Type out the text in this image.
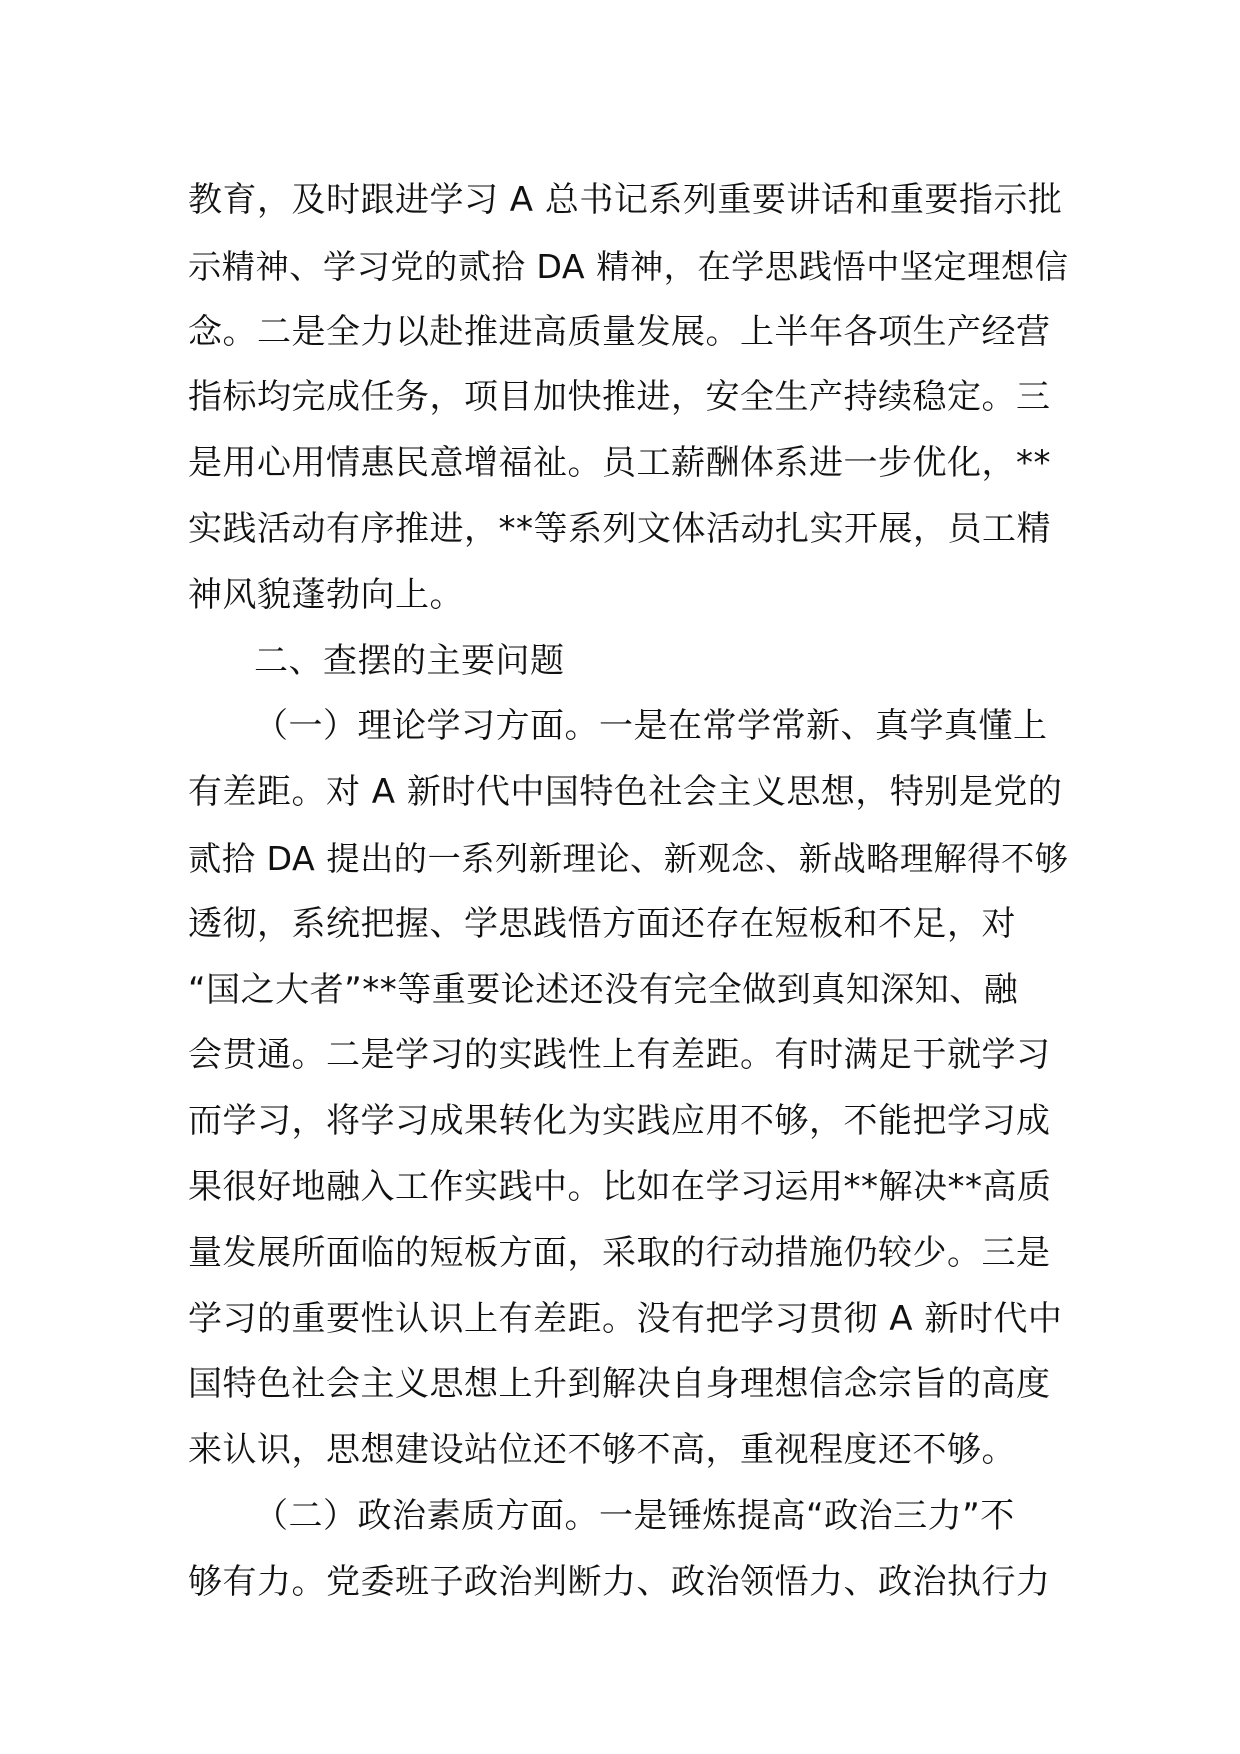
教育，及时跟进学习 A 总书记系列重要讲话和重要指示批
示精神、学习党的贰拾 DA 精神，在学思践悟中坚定理想信
念。二是全力以赴推进高质量发展。上半年各项生产经营
指标均完成任务，项目加快推进，安全生产持续稳定。三
是用心用情惠民意增福祉。员工薪酬体系进一步优化，**
实践活动有序推进，**等系列文体活动扎实开展，员工精
神风貌蓬勃向上。
二、查摆的主要问题
（一）理论学习方面。一是在常学常新、真学真懂上
有差距。对 A 新时代中国特色社会主义思想，特别是党的
贰拾 DA 提出的一系列新理论、新观念、新战略理解得不够
透彻，系统把握、学思践悟方面还存在短板和不足，对
“国之大者”**等重要论述还没有完全做到真知深知、融
会贯通。二是学习的实践性上有差距。有时满足于就学习
而学习，将学习成果转化为实践应用不够，不能把学习成
果很好地融入工作实践中。比如在学习运用**解决**高质
量发展所面临的短板方面，采取的行动措施仍较少。三是
学习的重要性认识上有差距。没有把学习贯彻 A 新时代中
国特色社会主义思想上升到解决自身理想信念宗旨的高度
来认识，思想建设站位还不够不高，重视程度还不够。
（二）政治素质方面。一是锤炼提高“政治三力”不
够有力。党委班子政治判断力、政治领悟力、政治执行力
